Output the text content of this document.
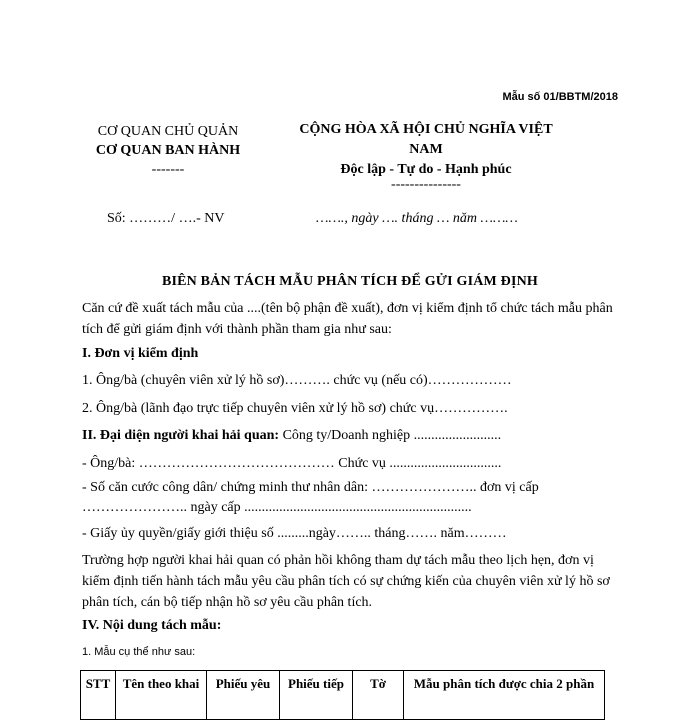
Mẫu số 01/BBTM/2018
CƠ QUAN CHỦ QUẢN
CƠ QUAN BAN HÀNH
-------
CỘNG HÒA XÃ HỘI CHỦ NGHĨA VIỆT
NAM
Độc lập - Tự do - Hạnh phúc
---------------
Số: ………/ ….- NV	……., ngày …. tháng … năm ………
BIÊN BẢN TÁCH MẪU PHÂN TÍCH ĐỂ GỬI GIÁM ĐỊNH
Căn cứ đề xuất tách mẫu của ....(tên bộ phận đề xuất), đơn vị kiểm định tổ chức tách mẫu phân tích để gửi giám định với thành phần tham gia như sau:
I. Đơn vị kiểm định
1. Ông/bà (chuyên viên xử lý hồ sơ)………. chức vụ (nếu có)………………
2. Ông/bà (lãnh đạo trực tiếp chuyên viên xử lý hồ sơ) chức vụ…………….
II. Đại diện người khai hải quan: Công ty/Doanh nghiệp .........................
- Ông/bà: …………………………………… Chức vụ ................................
- Số căn cước công dân/ chứng minh thư nhân dân: ………………….. đơn vị cấp
………………….. ngày cấp .................................................................
- Giấy ủy quyền/giấy giới thiệu số .........ngày…….. tháng……. năm………
Trường hợp người khai hải quan có phản hồi không tham dự tách mẫu theo lịch hẹn, đơn vị kiểm định tiến hành tách mẫu yêu cầu phân tích có sự chứng kiến của chuyên viên xử lý hồ sơ phân tích, cán bộ tiếp nhận hồ sơ yêu cầu phân tích.
IV. Nội dung tách mẫu:
1. Mẫu cụ thể như sau:
STT	Tên theo khai	Phiếu yêu	Phiếu tiếp	Tờ	Mẫu phân tích được chia 2 phần
